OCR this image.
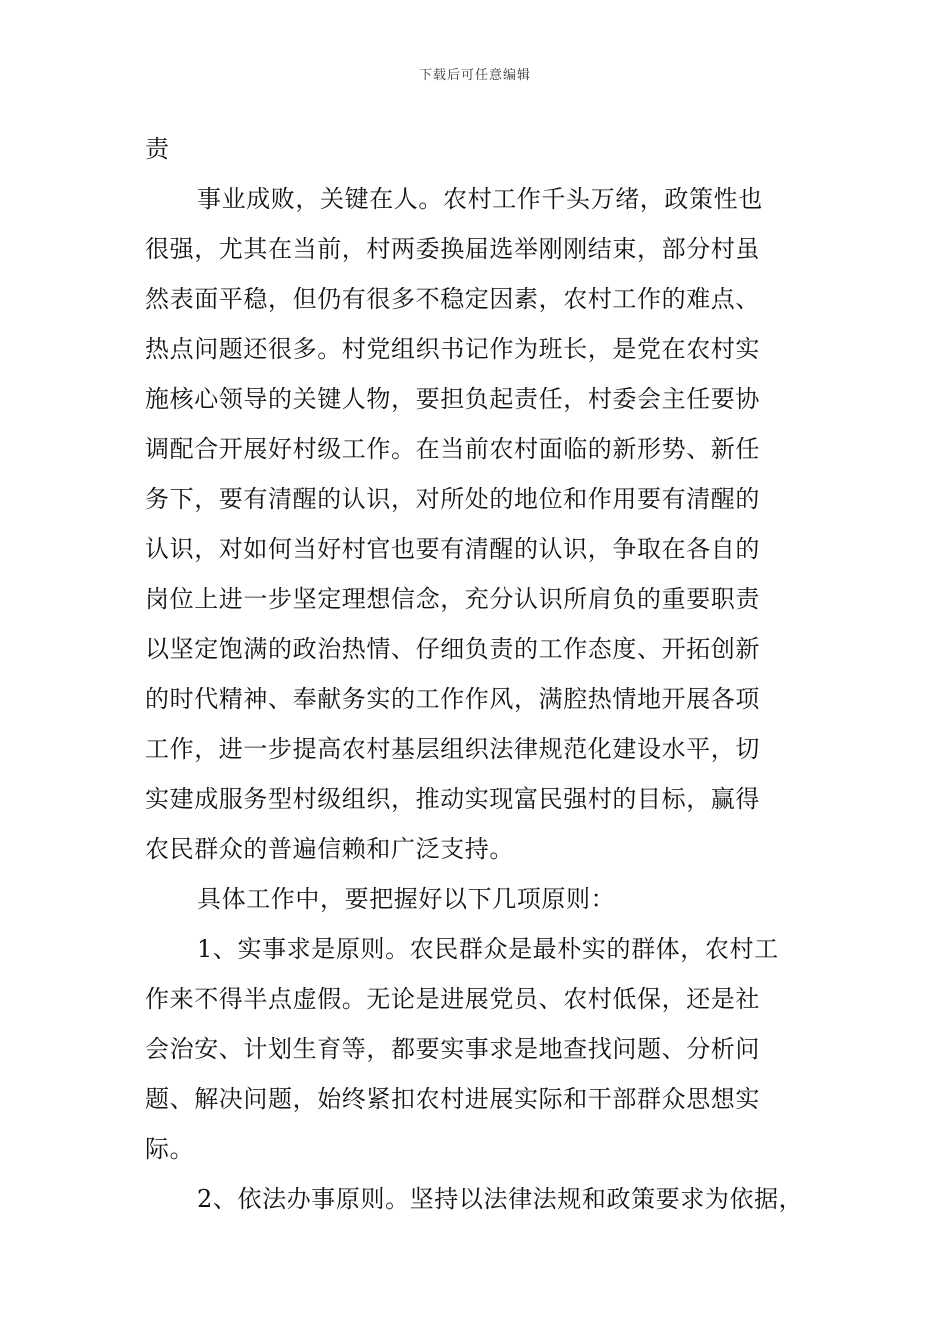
下载后可任意编辑
责
事业成败，关键在人。农村工作千头万绪，政策性也
很强，尤其在当前，村两委换届选举刚刚结束，部分村虽
然表面平稳，但仍有很多不稳定因素，农村工作的难点、
热点问题还很多。村党组织书记作为班长，是党在农村实
施核心领导的关键人物，要担负起责任，村委会主任要协
调配合开展好村级工作。在当前农村面临的新形势、新任
务下，要有清醒的认识，对所处的地位和作用要有清醒的
认识，对如何当好村官也要有清醒的认识，争取在各自的
岗位上进一步坚定理想信念，充分认识所肩负的重要职责
以坚定饱满的政治热情、仔细负责的工作态度、开拓创新
的时代精神、奉献务实的工作作风，满腔热情地开展各项
工作，进一步提高农村基层组织法律规范化建设水平，切
实建成服务型村级组织，推动实现富民强村的目标，赢得
农民群众的普遍信赖和广泛支持。
具体工作中，要把握好以下几项原则：
1、实事求是原则。农民群众是最朴实的群体，农村工
作来不得半点虚假。无论是进展党员、农村低保，还是社
会治安、计划生育等，都要实事求是地查找问题、分析问
题、解决问题，始终紧扣农村进展实际和干部群众思想实
际。
2、依法办事原则。坚持以法律法规和政策要求为依据，
